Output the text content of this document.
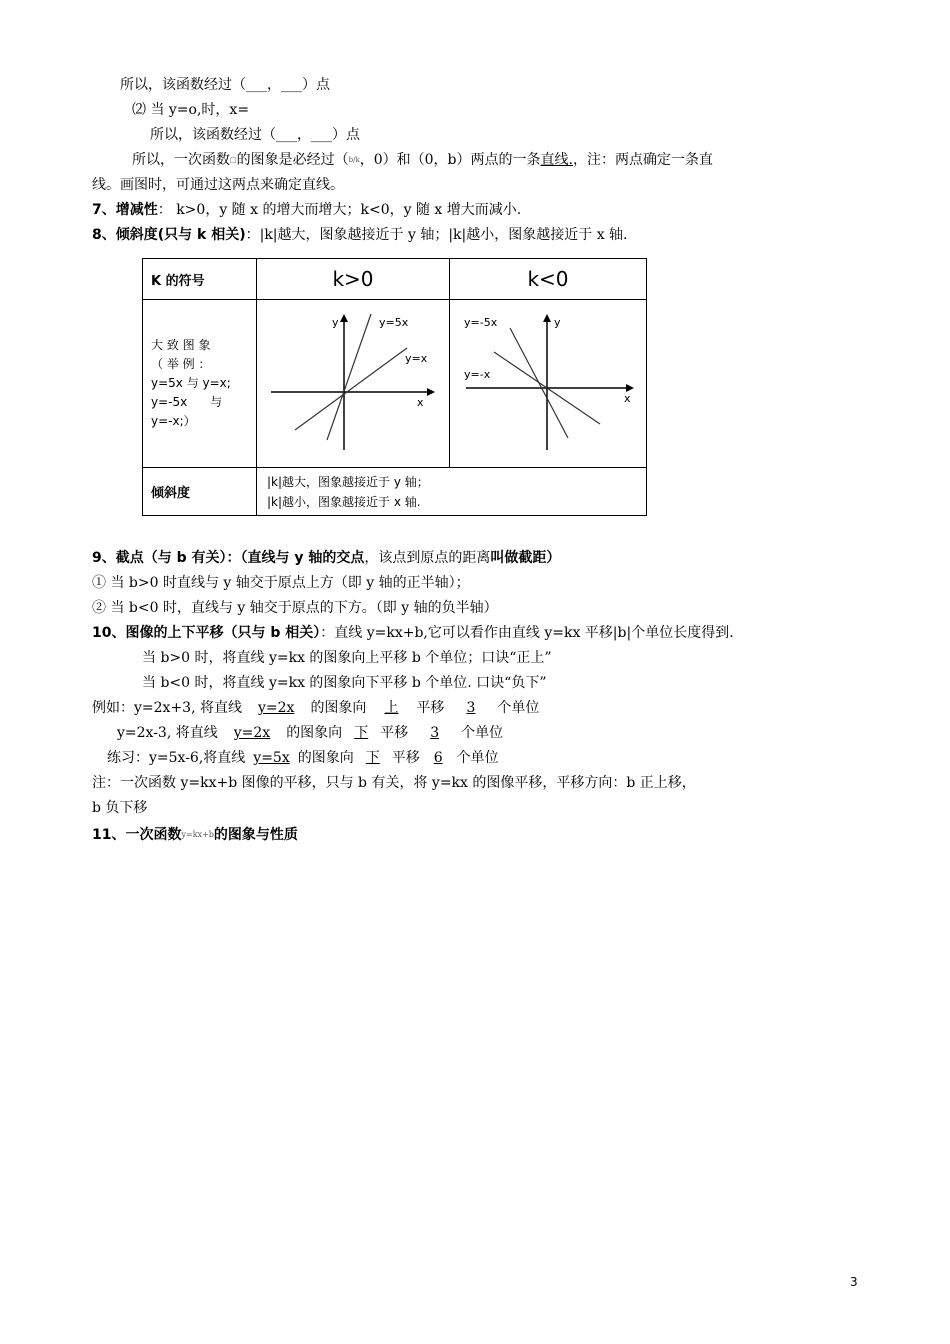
所以，该函数经过（___，___）点
⑵ 当 y=o,时，x=
所以，该函数经过（___，___）点
所以，一次函数□的图象是必经过（$^{b/k}$，0）和（0，b）两点的一条直线.，注：两点确定一条直
线。画图时，可通过这两点来确定直线。
7、增减性： k>0，y 随 x 的增大而增大；k<0，y 随 x 增大而减小.
8、倾斜度(只与 k 相关)：|k|越大，图象越接近于 y 轴；|k|越小，图象越接近于 x 轴.
K 的符号	k>0	k<0

大 致 图 象
（ 举 例 ：
y=5x 与 y=x;
y=-5x      与
y=-x;）	y
x
y=5x
y=x	y
x
y=-5x
y=-x

倾斜度	|k|越大，图象越接近于 y 轴；
|k|越小，图象越接近于 x 轴.	
9、截点（与 b 有关）：（直线与 y 轴的交点，该点到原点的距离叫做截距）
① 当 b>0 时直线与 y 轴交于原点上方（即 y 轴的正半轴）；
② 当 b<0 时，直线与 y 轴交于原点的下方。（即 y 轴的负半轴）
10、图像的上下平移（只与 b 相关）：直线 y=kx+b,它可以看作由直线 y=kx 平移|b|个单位长度得到.
当 b>0 时，将直线 y=kx 的图象向上平移 b 个单位；口诀“正上”
当 b<0 时，将直线 y=kx 的图象向下平移 b 个单位. 口诀“负下”
例如：y=2x+3, 将直线 y=2x 的图象向 上 平移 3 个单位
y=2x-3, 将直线 y=2x 的图象向 下 平移 3 个单位
练习：y=5x-6,将直线 y=5x 的图象向 下 平移 6 个单位
注：一次函数 y=kx+b 图像的平移，只与 b 有关，将 y=kx 的图像平移，平移方向：b 正上移，
b 负下移
11、一次函数$^{y=kx+b}$的图象与性质
3
